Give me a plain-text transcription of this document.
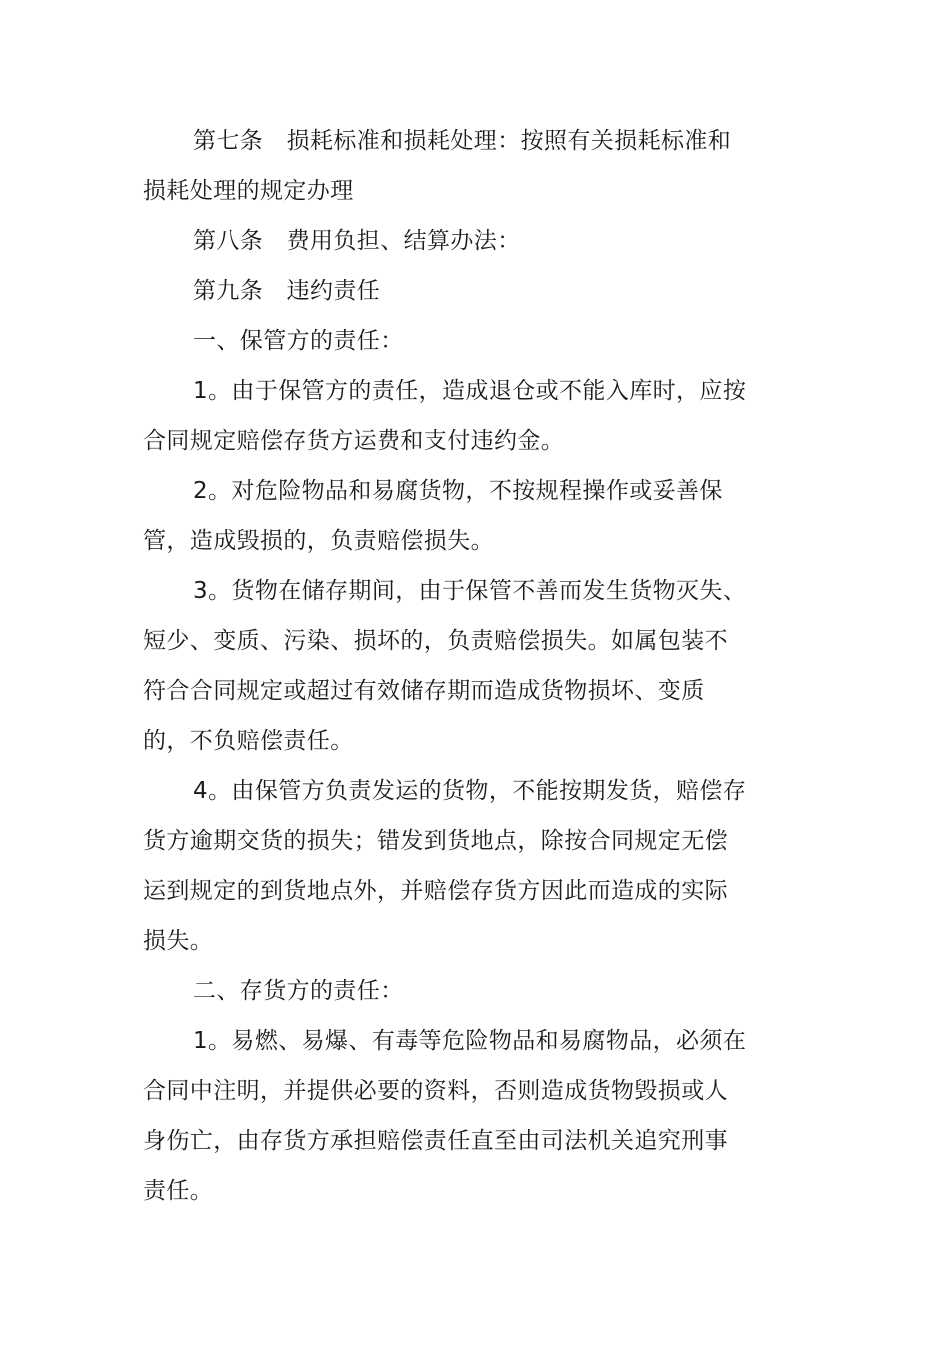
第七条　损耗标准和损耗处理：按照有关损耗标准和损耗处理的规定办理

第八条　费用负担、结算办法：

第九条　违约责任

一、保管方的责任：

1。由于保管方的责任，造成退仓或不能入库时，应按合同规定赔偿存货方运费和支付违约金。

2。对危险物品和易腐货物，不按规程操作或妥善保管，造成毁损的，负责赔偿损失。

3。货物在储存期间，由于保管不善而发生货物灭失、短少、变质、污染、损坏的，负责赔偿损失。如属包装不符合合同规定或超过有效储存期而造成货物损坏、变质的，不负赔偿责任。

4。由保管方负责发运的货物，不能按期发货，赔偿存货方逾期交货的损失；错发到货地点，除按合同规定无偿运到规定的到货地点外，并赔偿存货方因此而造成的实际损失。

二、存货方的责任：

1。易燃、易爆、有毒等危险物品和易腐物品，必须在合同中注明，并提供必要的资料，否则造成货物毁损或人身伤亡，由存货方承担赔偿责任直至由司法机关追究刑事责任。
